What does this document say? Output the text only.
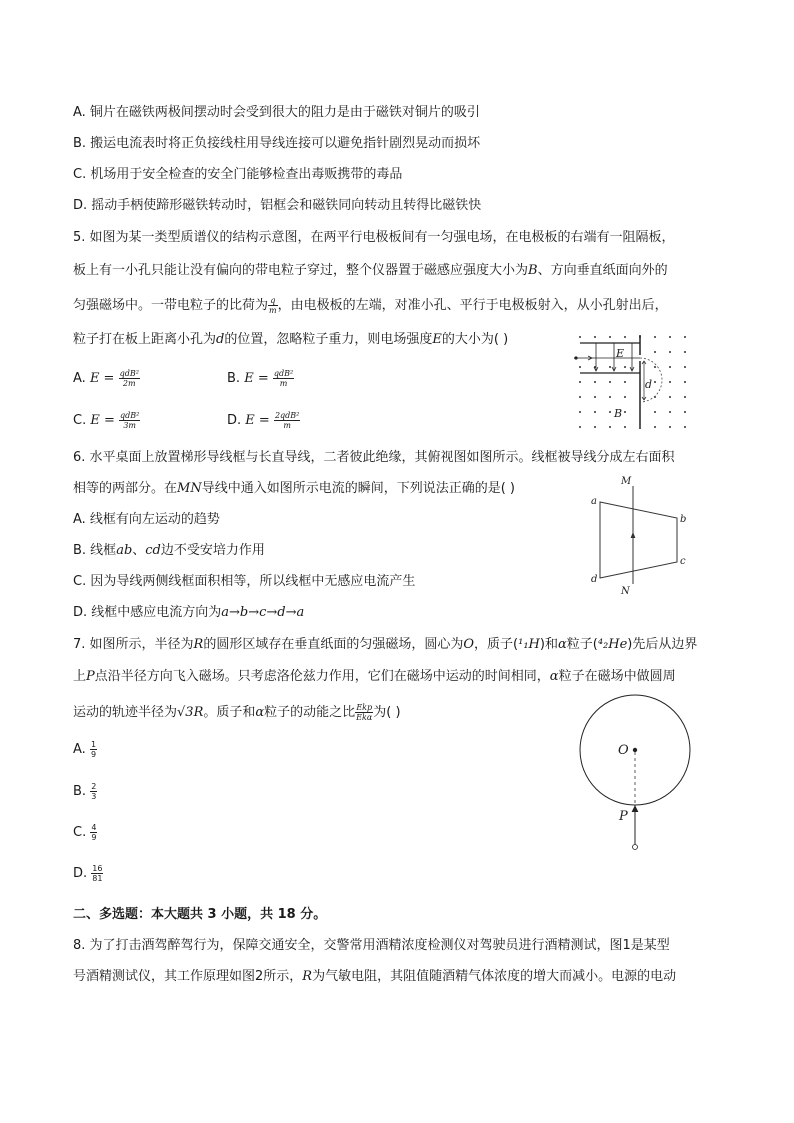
A. 铜片在磁铁两极间摆动时会受到很大的阻力是由于磁铁对铜片的吸引
B. 搬运电流表时将正负接线柱用导线连接可以避免指针剧烈晃动而损坏
C. 机场用于安全检查的安全门能够检查出毒贩携带的毒品
D. 摇动手柄使蹄形磁铁转动时，铝框会和磁铁同向转动且转得比磁铁快
5. 如图为某一类型质谱仪的结构示意图，在两平行电极板间有一匀强电场，在电极板的右端有一阻隔板，
板上有一小孔只能让没有偏向的带电粒子穿过，整个仪器置于磁感应强度大小为B、方向垂直纸面向外的
匀强磁场中。一带电粒子的比荷为 $\frac{q}{m}$ ，由电极板的左端，对准小孔、平行于电极板射入，从小孔射出后，
粒子打在板上距离小孔为d的位置，忽略粒子重力，则电场强度E的大小为( )
A. $E = \frac{\text{qdB²}}{2m}$	B. $E = \frac{\text{qdB²}}{m}$
C. $E = \frac{\text{qdB²}}{3m}$	D. $E = \frac{\text{2qdB²}}{m}$
d
E
B
6. 水平桌面上放置梯形导线框与长直导线，二者彼此绝缘，其俯视图如图所示。线框被导线分成左右面积
相等的两部分。在MN导线中通入如图所示电流的瞬间，下列说法正确的是( )
A. 线框有向左运动的趋势
B. 线框ab、cd边不受安培力作用
C. 因为导线两侧线框面积相等，所以线框中无感应电流产生
D. 线框中感应电流方向为a→b→c→d→a
M
N
a
b
c
d
7. 如图所示，半径为R的圆形区域存在垂直纸面的匀强磁场，圆心为O，质子(¹₁H)和α粒子(⁴₂He)先后从边界
上P点沿半径方向飞入磁场。只考虑洛伦兹力作用，它们在磁场中运动的时间相同，α粒子在磁场中做圆周
运动的轨迹半径为√3R。质子和α粒子的动能之比 $\frac{\text{Ekp}}{\text{Ekα}}$ 为( )
A. $\frac{1}{9}$
B. $\frac{2}{3}$
C. $\frac{4}{9}$
D. $\frac{16}{81}$
O
P
二、多选题：本大题共 3 小题，共 18 分。
8. 为了打击酒驾醉驾行为，保障交通安全，交警常用酒精浓度检测仪对驾驶员进行酒精测试，图1是某型
号酒精测试仪，其工作原理如图2所示，R为气敏电阻，其阻值随酒精气体浓度的增大而减小。电源的电动
